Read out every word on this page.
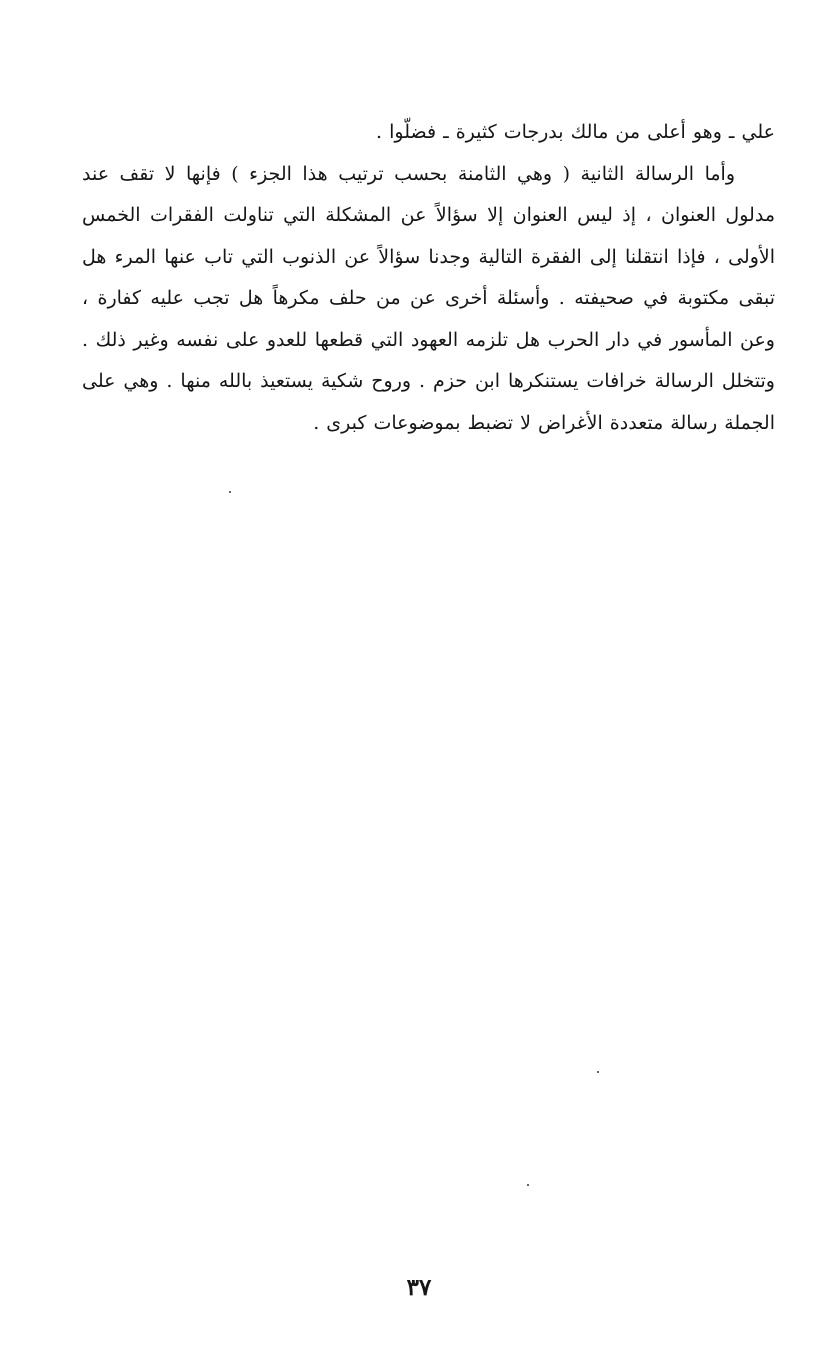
علي ـ وهو أعلى من مالك بدرجات كثيرة ـ فضلّوا .
وأما الرسالة الثانية ( وهي الثامنة بحسب ترتيب هذا الجزء ) فإنها لا تقف عند
مدلول العنوان ، إذ ليس العنوان إلا سؤالاً عن المشكلة التي تناولت الفقرات الخمس
الأولى ، فإذا انتقلنا إلى الفقرة التالية وجدنا سؤالاً عن الذنوب التي تاب عنها المرء هل
تبقى مكتوبة في صحيفته . وأسئلة أخرى عن من حلف مكرهاً هل تجب عليه كفارة ،
وعن المأسور في دار الحرب هل تلزمه العهود التي قطعها للعدو على نفسه وغير ذلك .
وتتخلل الرسالة خرافات يستنكرها ابن حزم . وروح شكية يستعيذ بالله منها . وهي على
الجملة رسالة متعددة الأغراض لا تضبط بموضوعات كبرى .
٣٧
